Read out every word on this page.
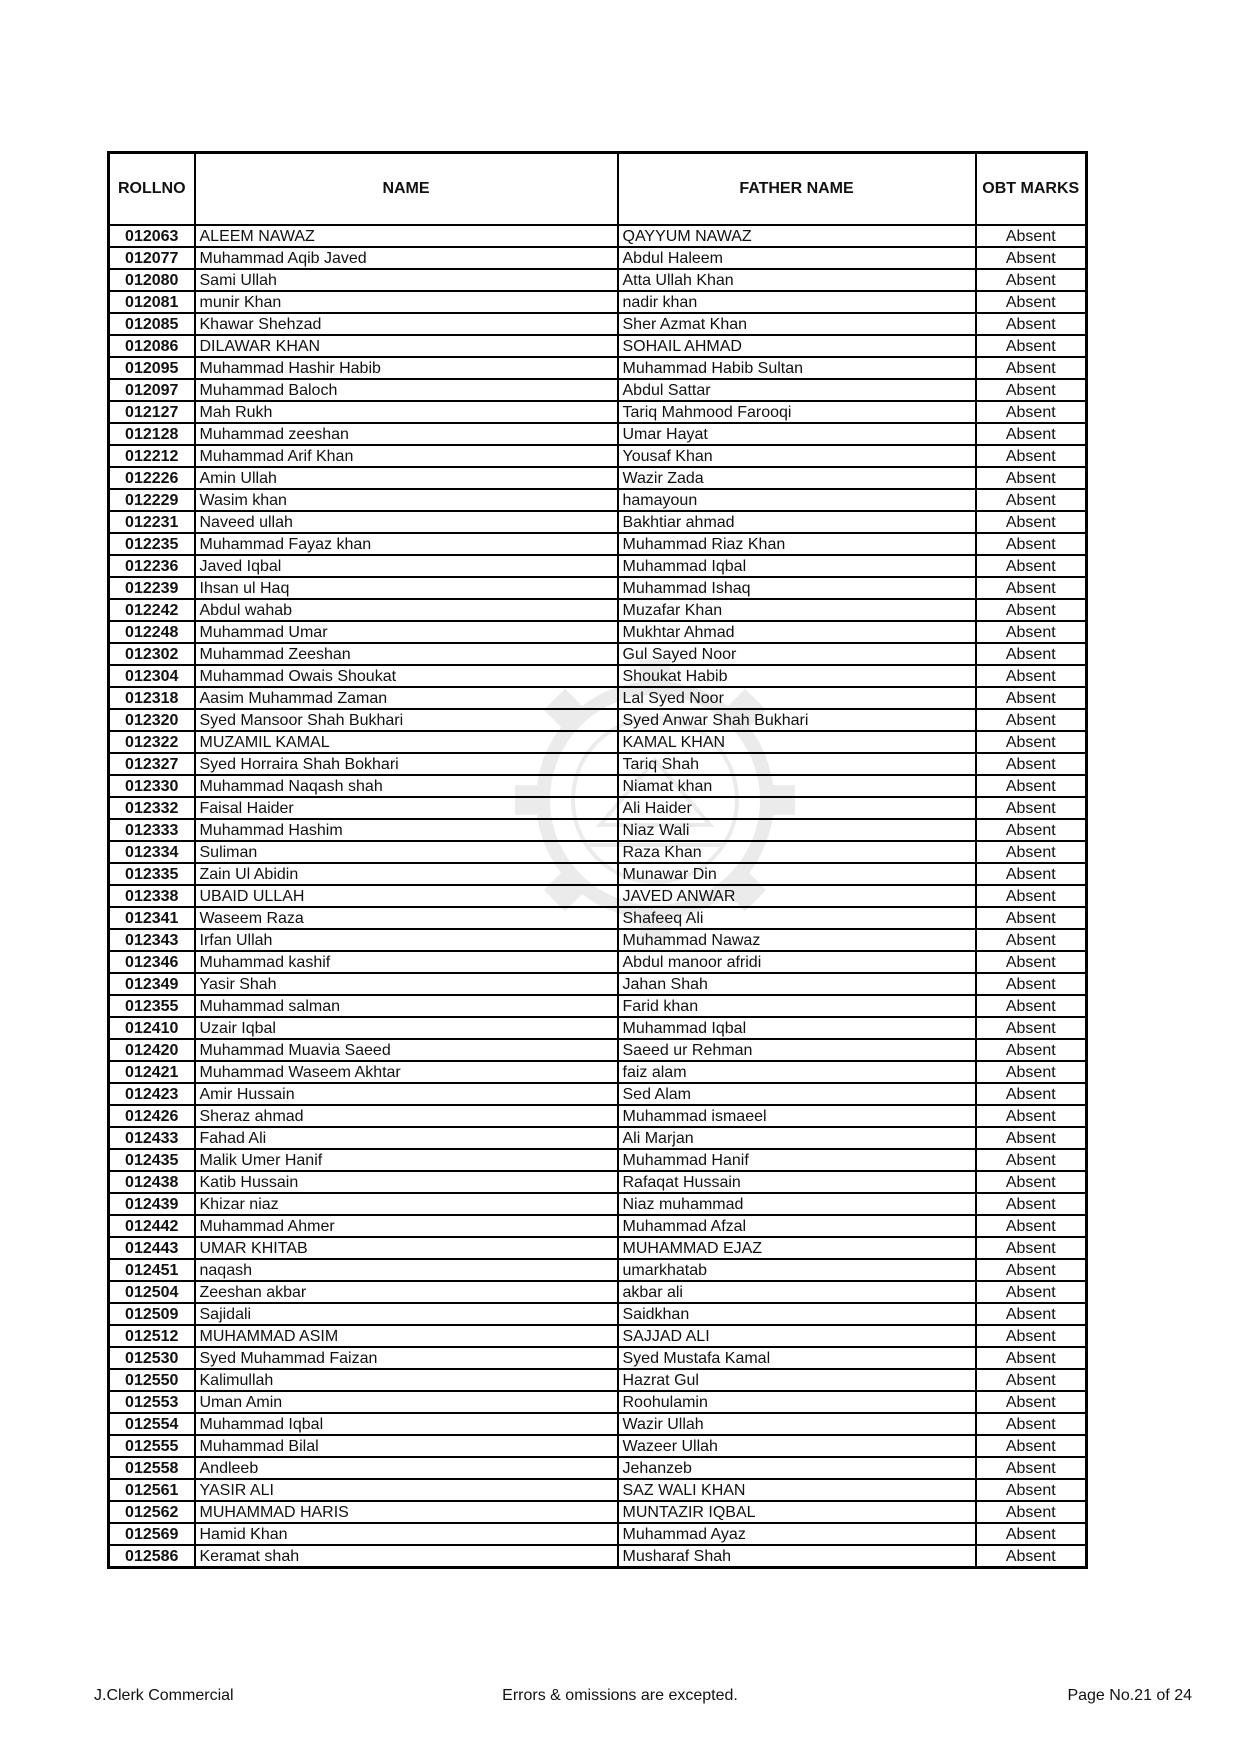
ROLLNO	NAME	FATHER NAME	OBT MARKS
012063	ALEEM NAWAZ	QAYYUM NAWAZ	Absent
012077	Muhammad Aqib Javed	Abdul Haleem	Absent
012080	Sami Ullah	Atta Ullah Khan	Absent
012081	munir Khan	nadir khan	Absent
012085	Khawar Shehzad	Sher Azmat Khan	Absent
012086	DILAWAR KHAN	SOHAIL AHMAD	Absent
012095	Muhammad Hashir Habib	Muhammad Habib Sultan	Absent
012097	Muhammad Baloch	Abdul Sattar	Absent
012127	Mah Rukh	Tariq Mahmood Farooqi	Absent
012128	Muhammad zeeshan	Umar Hayat	Absent
012212	Muhammad Arif Khan	Yousaf Khan	Absent
012226	Amin Ullah	Wazir Zada	Absent
012229	Wasim khan	hamayoun	Absent
012231	Naveed ullah	Bakhtiar ahmad	Absent
012235	Muhammad Fayaz khan	Muhammad Riaz Khan	Absent
012236	Javed Iqbal	Muhammad Iqbal	Absent
012239	Ihsan ul Haq	Muhammad Ishaq	Absent
012242	Abdul wahab	Muzafar Khan	Absent
012248	Muhammad Umar	Mukhtar Ahmad	Absent
012302	Muhammad Zeeshan	Gul Sayed Noor	Absent
012304	Muhammad Owais Shoukat	Shoukat Habib	Absent
012318	Aasim Muhammad Zaman	Lal Syed Noor	Absent
012320	Syed Mansoor Shah Bukhari	Syed Anwar Shah Bukhari	Absent
012322	MUZAMIL KAMAL	KAMAL KHAN	Absent
012327	Syed Horraira Shah Bokhari	Tariq Shah	Absent
012330	Muhammad Naqash shah	Niamat khan	Absent
012332	Faisal Haider	Ali Haider	Absent
012333	Muhammad Hashim	Niaz Wali	Absent
012334	Suliman	Raza Khan	Absent
012335	Zain Ul Abidin	Munawar Din	Absent
012338	UBAID ULLAH	JAVED ANWAR	Absent
012341	Waseem Raza	Shafeeq Ali	Absent
012343	Irfan Ullah	Muhammad Nawaz	Absent
012346	Muhammad kashif	Abdul manoor afridi	Absent
012349	Yasir Shah	Jahan Shah	Absent
012355	Muhammad salman	Farid khan	Absent
012410	Uzair Iqbal	Muhammad Iqbal	Absent
012420	Muhammad Muavia Saeed	Saeed ur Rehman	Absent
012421	Muhammad Waseem Akhtar	faiz alam	Absent
012423	Amir Hussain	Sed Alam	Absent
012426	Sheraz ahmad	Muhammad ismaeel	Absent
012433	Fahad Ali	Ali Marjan	Absent
012435	Malik Umer Hanif	Muhammad Hanif	Absent
012438	Katib Hussain	Rafaqat Hussain	Absent
012439	Khizar niaz	Niaz muhammad	Absent
012442	Muhammad Ahmer	Muhammad Afzal	Absent
012443	UMAR KHITAB	MUHAMMAD EJAZ	Absent
012451	naqash	umarkhatab	Absent
012504	Zeeshan akbar	akbar ali	Absent
012509	Sajidali	Saidkhan	Absent
012512	MUHAMMAD ASIM	SAJJAD ALI	Absent
012530	Syed Muhammad Faizan	Syed Mustafa Kamal	Absent
012550	Kalimullah	Hazrat Gul	Absent
012553	Uman Amin	Roohulamin	Absent
012554	Muhammad Iqbal	Wazir Ullah	Absent
012555	Muhammad Bilal	Wazeer Ullah	Absent
012558	Andleeb	Jehanzeb	Absent
012561	YASIR ALI	SAZ WALI KHAN	Absent
012562	MUHAMMAD HARIS	MUNTAZIR IQBAL	Absent
012569	Hamid Khan	Muhammad Ayaz	Absent
012586	Keramat shah	Musharaf Shah	Absent
J.Clerk Commercial	Errors & omissions are excepted.	Page No.21 of 24
